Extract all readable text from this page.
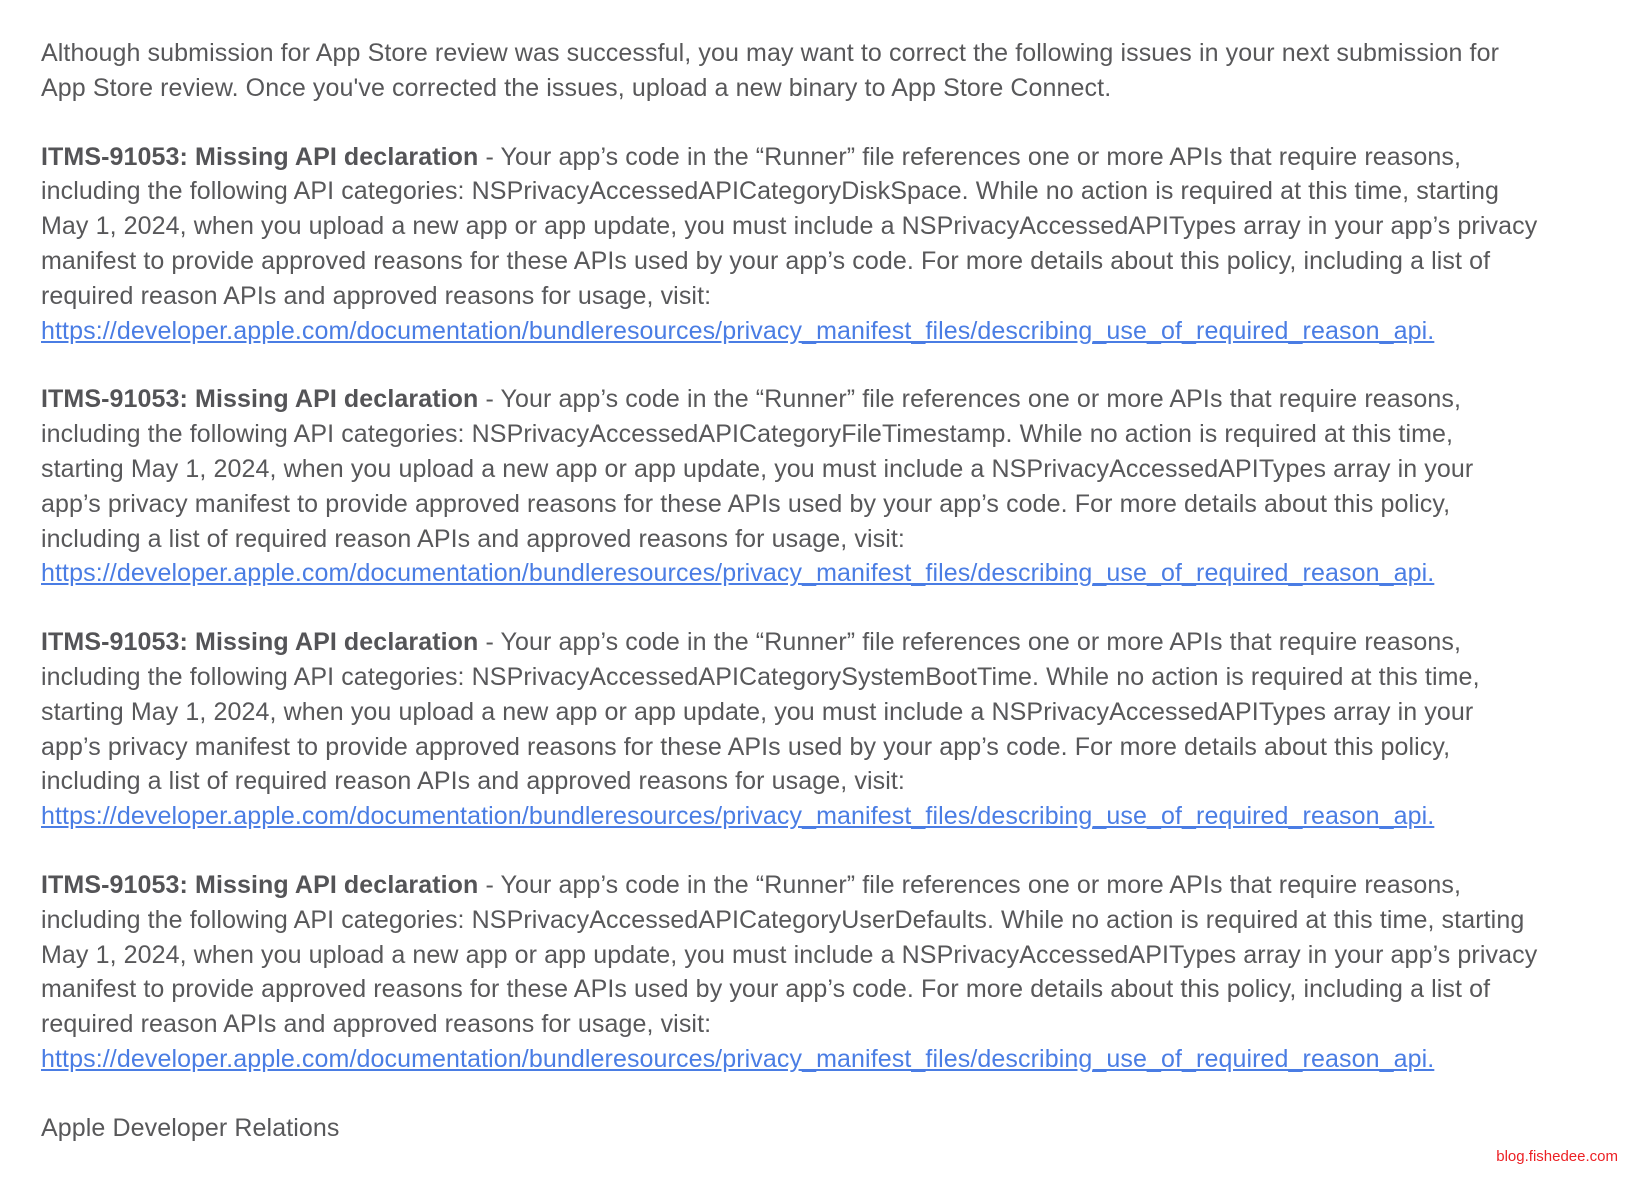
Although submission for App Store review was successful, you may want to correct the following issues in your next submission for App Store review. Once you've corrected the issues, upload a new binary to App Store Connect.

ITMS-91053: Missing API declaration - Your app’s code in the “Runner” file references one or more APIs that require reasons, including the following API categories: NSPrivacyAccessedAPICategoryDiskSpace. While no action is required at this time, starting May 1, 2024, when you upload a new app or app update, you must include a NSPrivacyAccessedAPITypes array in your app’s privacy manifest to provide approved reasons for these APIs used by your app’s code. For more details about this policy, including a list of required reason APIs and approved reasons for usage, visit: https://developer.apple.com/documentation/bundleresources/privacy_manifest_files/describing_use_of_required_reason_api.

ITMS-91053: Missing API declaration - Your app’s code in the “Runner” file references one or more APIs that require reasons, including the following API categories: NSPrivacyAccessedAPICategoryFileTimestamp. While no action is required at this time, starting May 1, 2024, when you upload a new app or app update, you must include a NSPrivacyAccessedAPITypes array in your app’s privacy manifest to provide approved reasons for these APIs used by your app’s code. For more details about this policy, including a list of required reason APIs and approved reasons for usage, visit: https://developer.apple.com/documentation/bundleresources/privacy_manifest_files/describing_use_of_required_reason_api.

ITMS-91053: Missing API declaration - Your app’s code in the “Runner” file references one or more APIs that require reasons, including the following API categories: NSPrivacyAccessedAPICategorySystemBootTime. While no action is required at this time, starting May 1, 2024, when you upload a new app or app update, you must include a NSPrivacyAccessedAPITypes array in your app’s privacy manifest to provide approved reasons for these APIs used by your app’s code. For more details about this policy, including a list of required reason APIs and approved reasons for usage, visit: https://developer.apple.com/documentation/bundleresources/privacy_manifest_files/describing_use_of_required_reason_api.

ITMS-91053: Missing API declaration - Your app’s code in the “Runner” file references one or more APIs that require reasons, including the following API categories: NSPrivacyAccessedAPICategoryUserDefaults. While no action is required at this time, starting May 1, 2024, when you upload a new app or app update, you must include a NSPrivacyAccessedAPITypes array in your app’s privacy manifest to provide approved reasons for these APIs used by your app’s code. For more details about this policy, including a list of required reason APIs and approved reasons for usage, visit: https://developer.apple.com/documentation/bundleresources/privacy_manifest_files/describing_use_of_required_reason_api.

Apple Developer Relations

blog.fishedee.com
